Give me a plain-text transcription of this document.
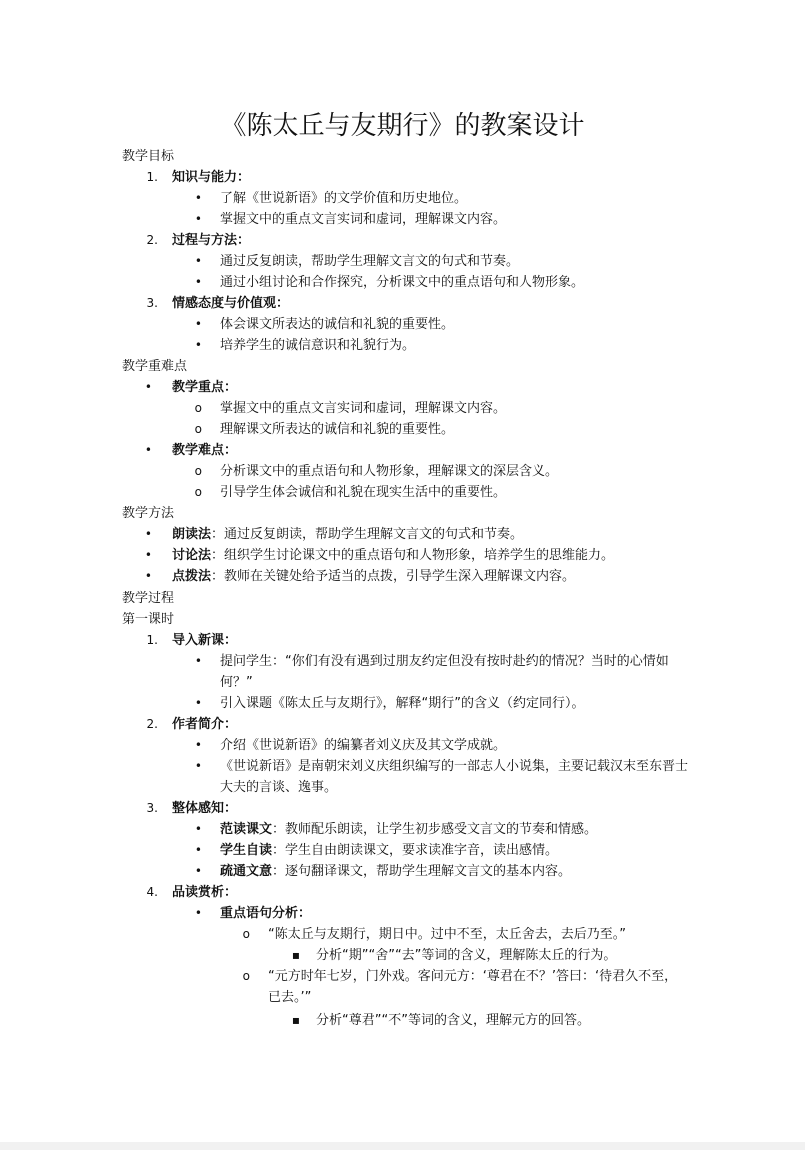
《陈太丘与友期行》的教案设计
教学目标
1. 知识与能力：
• 了解《世说新语》的文学价值和历史地位。
• 掌握文中的重点文言实词和虚词，理解课文内容。
2. 过程与方法：
• 通过反复朗读，帮助学生理解文言文的句式和节奏。
• 通过小组讨论和合作探究，分析课文中的重点语句和人物形象。
3. 情感态度与价值观：
• 体会课文所表达的诚信和礼貌的重要性。
• 培养学生的诚信意识和礼貌行为。
教学重难点
• 教学重点：
o 掌握文中的重点文言实词和虚词，理解课文内容。
o 理解课文所表达的诚信和礼貌的重要性。
• 教学难点：
o 分析课文中的重点语句和人物形象，理解课文的深层含义。
o 引导学生体会诚信和礼貌在现实生活中的重要性。
教学方法
• 朗读法：通过反复朗读，帮助学生理解文言文的句式和节奏。
• 讨论法：组织学生讨论课文中的重点语句和人物形象，培养学生的思维能力。
• 点拨法：教师在关键处给予适当的点拨，引导学生深入理解课文内容。
教学过程
第一课时
1. 导入新课：
• 提问学生：“你们有没有遇到过朋友约定但没有按时赴约的情况？当时的心情如何？”
• 引入课题《陈太丘与友期行》，解释“期行”的含义（约定同行）。
2. 作者简介：
• 介绍《世说新语》的编纂者刘义庆及其文学成就。
• 《世说新语》是南朝宋刘义庆组织编写的一部志人小说集，主要记载汉末至东晋士大夫的言谈、逸事。
3. 整体感知：
• 范读课文：教师配乐朗读，让学生初步感受文言文的节奏和情感。
• 学生自读：学生自由朗读课文，要求读准字音，读出感情。
• 疏通文意：逐句翻译课文，帮助学生理解文言文的基本内容。
4. 品读赏析：
• 重点语句分析：
o “陈太丘与友期行，期日中。过中不至，太丘舍去，去后乃至。”
▪ 分析“期”“舍”“去”等词的含义，理解陈太丘的行为。
o “元方时年七岁，门外戏。客问元方：‘尊君在不？’答曰：‘待君久不至，已去。’”
▪ 分析“尊君”“不”等词的含义，理解元方的回答。
